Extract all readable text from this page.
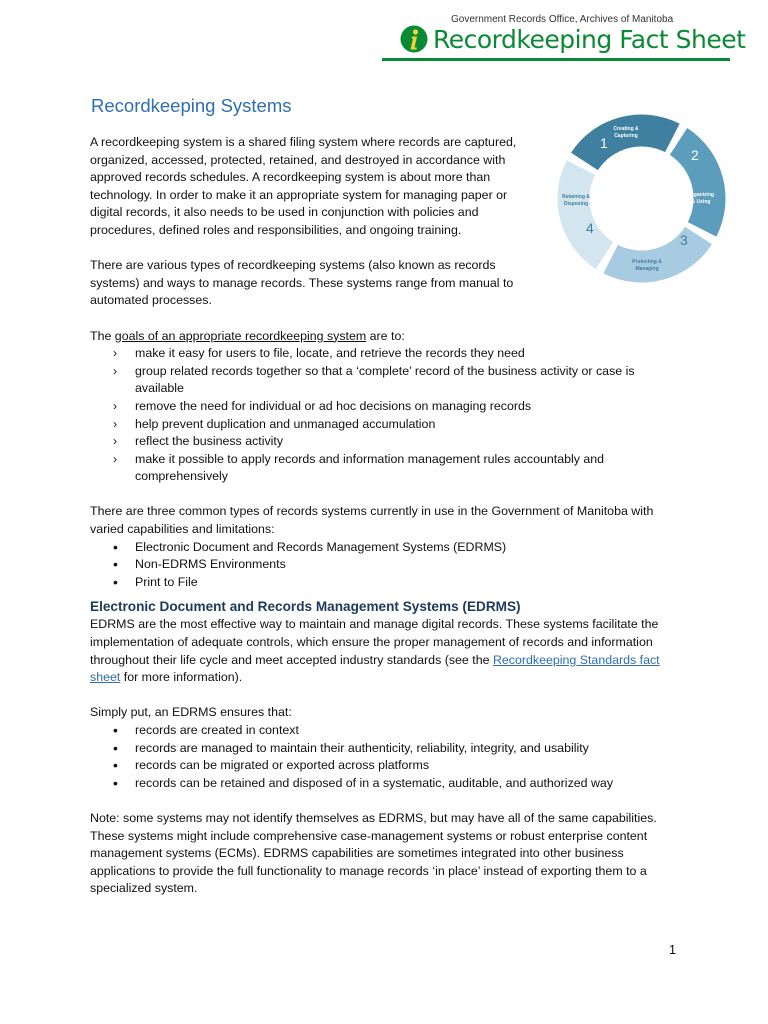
Government Records Office, Archives of Manitoba
Recordkeeping Fact Sheet
Recordkeeping Systems
1
Creating &
Capturing
2
Organizing
& Using
3
Protecting &
Managing
4
Retaining &
Disposing
A recordkeeping system is a shared filing system where records are captured,
organized, accessed, protected, retained, and destroyed in accordance with
approved records schedules. A recordkeeping system is about more than
technology. In order to make it an appropriate system for managing paper or
digital records, it also needs to be used in conjunction with policies and
procedures, defined roles and responsibilities, and ongoing training.
There are various types of recordkeeping systems (also known as records
systems) and ways to manage records. These systems range from manual to
automated processes.

The goals of an appropriate recordkeeping system are to:

› make it easy for users to file, locate, and retrieve the records they need
› group related records together so that a ‘complete’ record of the business activity or case is available
› remove the need for individual or ad hoc decisions on managing records
› help prevent duplication and unmanaged accumulation
› reflect the business activity
› make it possible to apply records and information management rules accountably and comprehensively

There are three common types of records systems currently in use in the Government of Manitoba with varied capabilities and limitations:

• Electronic Document and Records Management Systems (EDRMS)
• Non-EDRMS Environments
• Print to File
Electronic Document and Records Management Systems (EDRMS)

EDRMS are the most effective way to maintain and manage digital records. These systems facilitate the implementation of adequate controls, which ensure the proper management of records and information throughout their life cycle and meet accepted industry standards (see the Recordkeeping Standards fact sheet for more information).

Simply put, an EDRMS ensures that:

• records are created in context
• records are managed to maintain their authenticity, reliability, integrity, and usability
• records can be migrated or exported across platforms
• records can be retained and disposed of in a systematic, auditable, and authorized way

Note: some systems may not identify themselves as EDRMS, but may have all of the same capabilities. These systems might include comprehensive case-management systems or robust enterprise content management systems (ECMs). EDRMS capabilities are sometimes integrated into other business applications to provide the full functionality to manage records ‘in place’ instead of exporting them to a specialized system.

1
